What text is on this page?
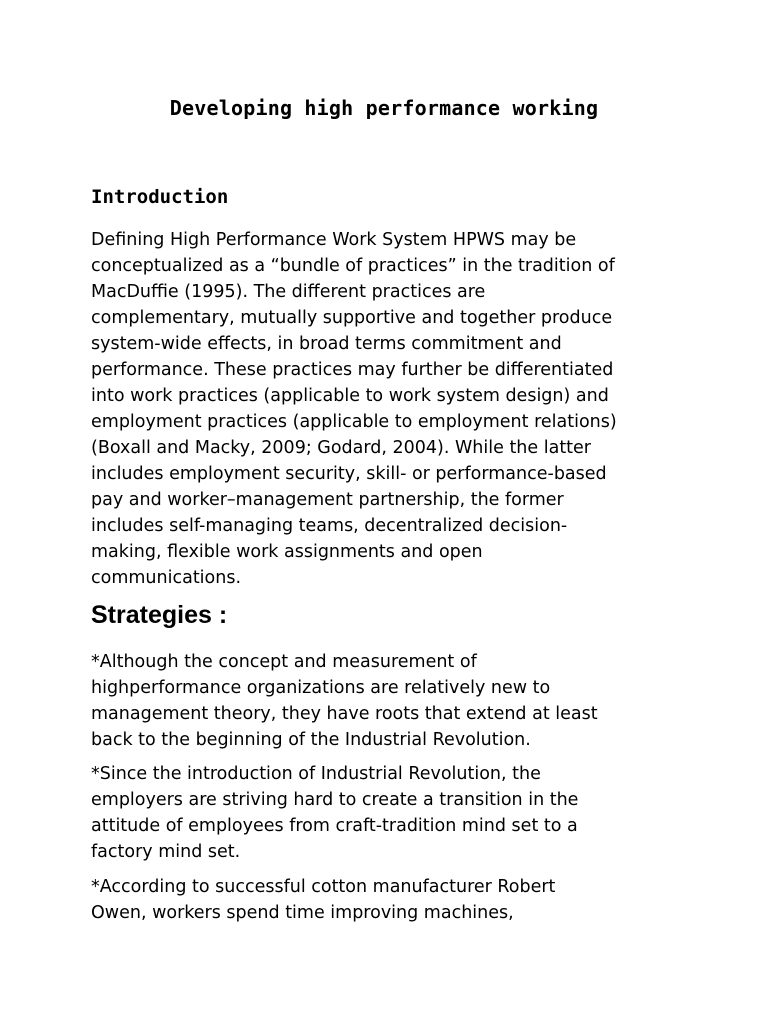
Developing high performance working
Introduction

Defining High Performance Work System HPWS may be
conceptualized as a “bundle of practices” in the tradition of
MacDuffie (1995). The different practices are
complementary, mutually supportive and together produce
system-wide effects, in broad terms commitment and
performance. These practices may further be differentiated
into work practices (applicable to work system design) and
employment practices (applicable to employment relations)
(Boxall and Macky, 2009; Godard, 2004). While the latter
includes employment security, skill- or performance-based
pay and worker–management partnership, the former
includes self-managing teams, decentralized decision-
making, flexible work assignments and open
communications.

Strategies :

*Although the concept and measurement of
highperformance organizations are relatively new to
management theory, they have roots that extend at least
back to the beginning of the Industrial Revolution.

*Since the introduction of Industrial Revolution, the
employers are striving hard to create a transition in the
attitude of employees from craft-tradition mind set to a
factory mind set.

*According to successful cotton manufacturer Robert
Owen, workers spend time improving machines,
